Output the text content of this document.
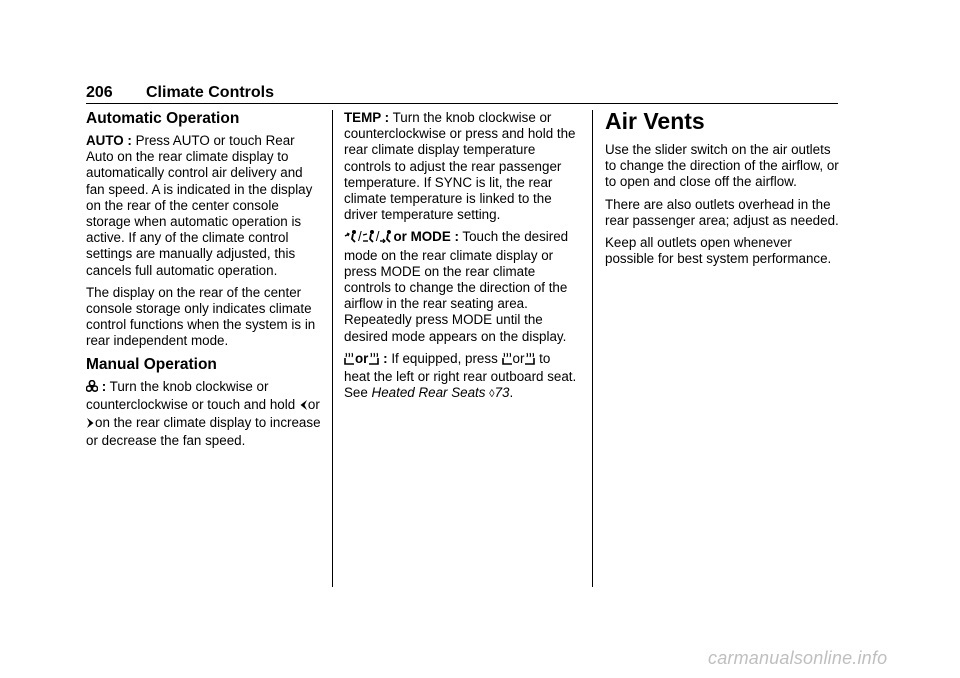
206 Climate Controls
Automatic Operation

AUTO : Press AUTO or touch Rear Auto on the rear climate display to automatically control air delivery and fan speed. A is indicated in the display on the rear of the center console storage when automatic operation is active. If any of the climate control settings are manually adjusted, this cancels full automatic operation.

The display on the rear of the center console storage only indicates climate control functions when the system is in rear independent mode.

Manual Operation

: Turn the knob clockwise or counterclockwise or touch and hold oron the rear climate display to increase or decrease the fan speed.

TEMP : Turn the knob clockwise or counterclockwise or press and hold the rear climate display temperature controls to adjust the rear passenger temperature. If SYNC is lit, the rear climate temperature is linked to the driver temperature setting.

/ / or MODE : Touch the desired mode on the rear climate display or press MODE on the rear climate controls to change the direction of the airflow in the rear seating area. Repeatedly press MODE until the desired mode appears on the display.

or : If equipped, press or to heat the left or right rear outboard seat. See Heated Rear Seats ◊73.

Air Vents

Use the slider switch on the air outlets to change the direction of the airflow, or to open and close off the airflow.

There are also outlets overhead in the rear passenger area; adjust as needed.

Keep all outlets open whenever possible for best system performance.

carmanualsonline.info
